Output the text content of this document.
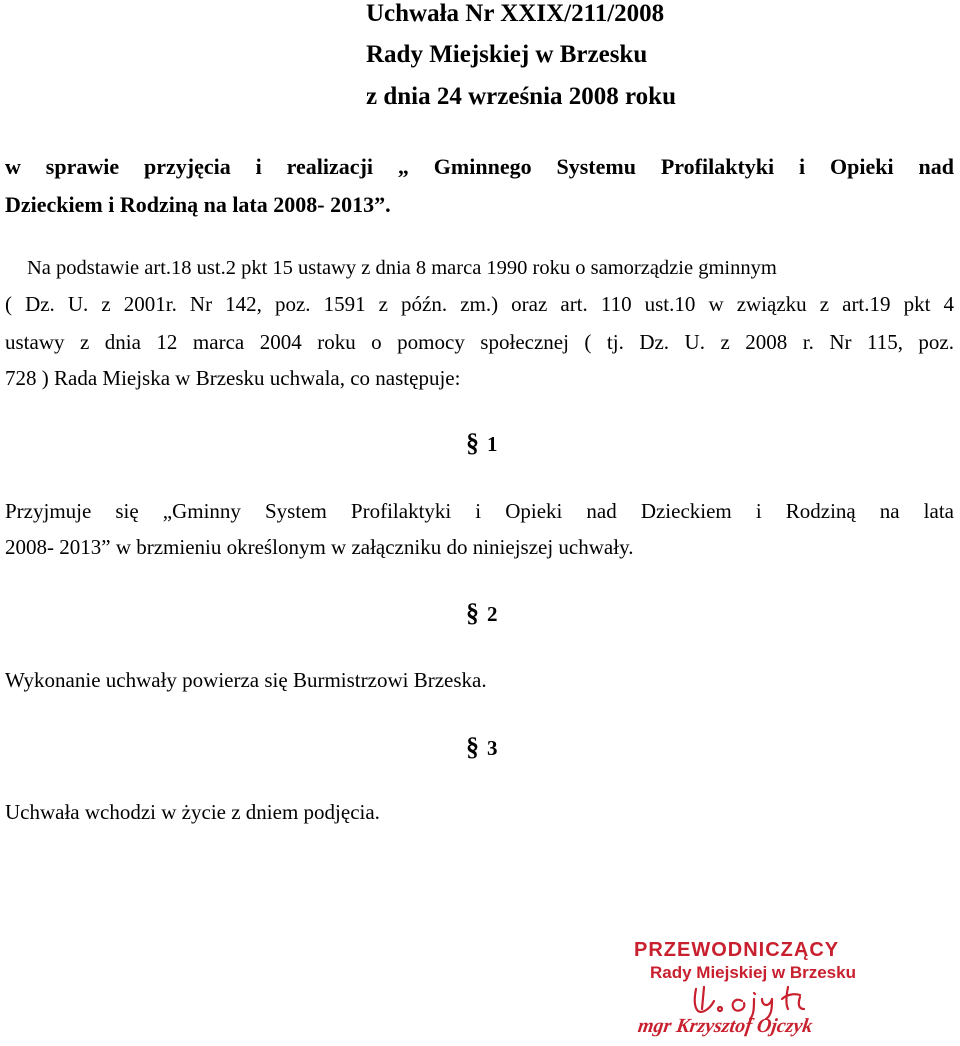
Uchwała Nr XXIX/211/2008
Rady Miejskiej w Brzesku
z dnia 24 września 2008 roku
w sprawie przyjęcia i realizacji „ Gminnego Systemu Profilaktyki i Opieki nad
Dzieckiem i Rodziną na lata 2008- 2013”.
Na podstawie art.18 ust.2 pkt 15 ustawy z dnia 8 marca 1990 roku o samorządzie gminnym
( Dz. U. z 2001r. Nr 142, poz. 1591 z późn. zm.) oraz art. 110 ust.10 w związku z art.19 pkt 4
ustawy z dnia 12 marca 2004 roku o pomocy społecznej ( tj. Dz. U. z 2008 r. Nr 115, poz.
728 ) Rada Miejska w Brzesku uchwala, co następuje:
§ 1
Przyjmuje się „Gminny System Profilaktyki i Opieki nad Dzieckiem i Rodziną na lata
2008- 2013” w brzmieniu określonym w załączniku do niniejszej uchwały.
§ 2
Wykonanie uchwały powierza się Burmistrzowi Brzeska.
§ 3
Uchwała wchodzi w życie z dniem podjęcia.
PRZEWODNICZĄCY
Rady Miejskiej w Brzesku
mgr Krzysztof Ojczyk
